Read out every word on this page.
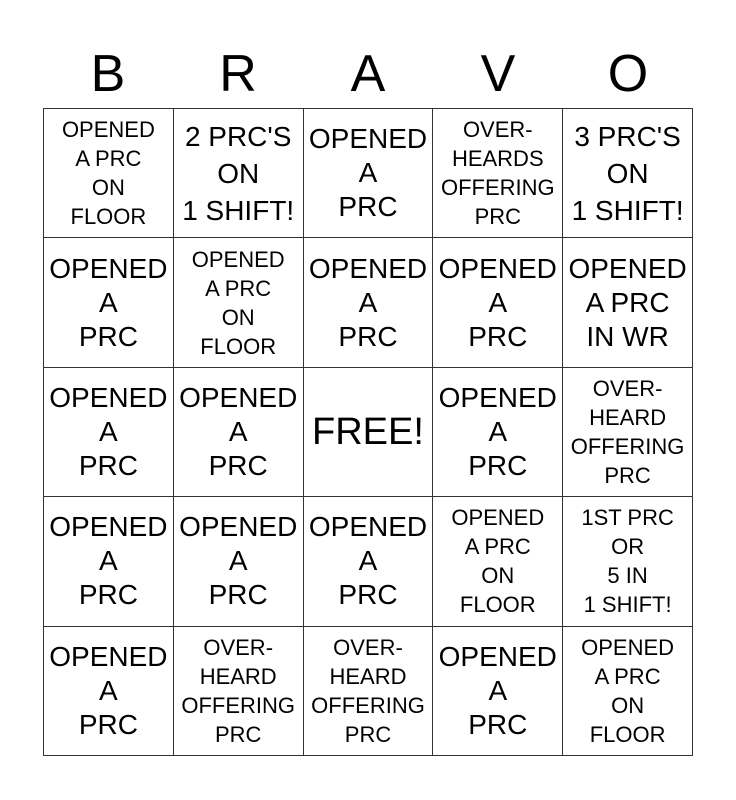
B	R	A	V	O
OPENED
A PRC
ON
FLOOR
2 PRC'S
ON
1 SHIFT!
OPENED
A
PRC
OVER-
HEARDS
OFFERING
PRC
3 PRC'S
ON
1 SHIFT!
OPENED
A
PRC
OPENED
A PRC
ON
FLOOR
OPENED
A
PRC
OPENED
A
PRC
OPENED
A PRC
IN WR
OPENED
A
PRC
OPENED
A
PRC
FREE!
OPENED
A
PRC
OVER-
HEARD
OFFERING
PRC
OPENED
A
PRC
OPENED
A
PRC
OPENED
A
PRC
OPENED
A PRC
ON
FLOOR
1ST PRC
OR
5 IN
1 SHIFT!
OPENED
A
PRC
OVER-
HEARD
OFFERING
PRC
OVER-
HEARD
OFFERING
PRC
OPENED
A
PRC
OPENED
A PRC
ON
FLOOR
